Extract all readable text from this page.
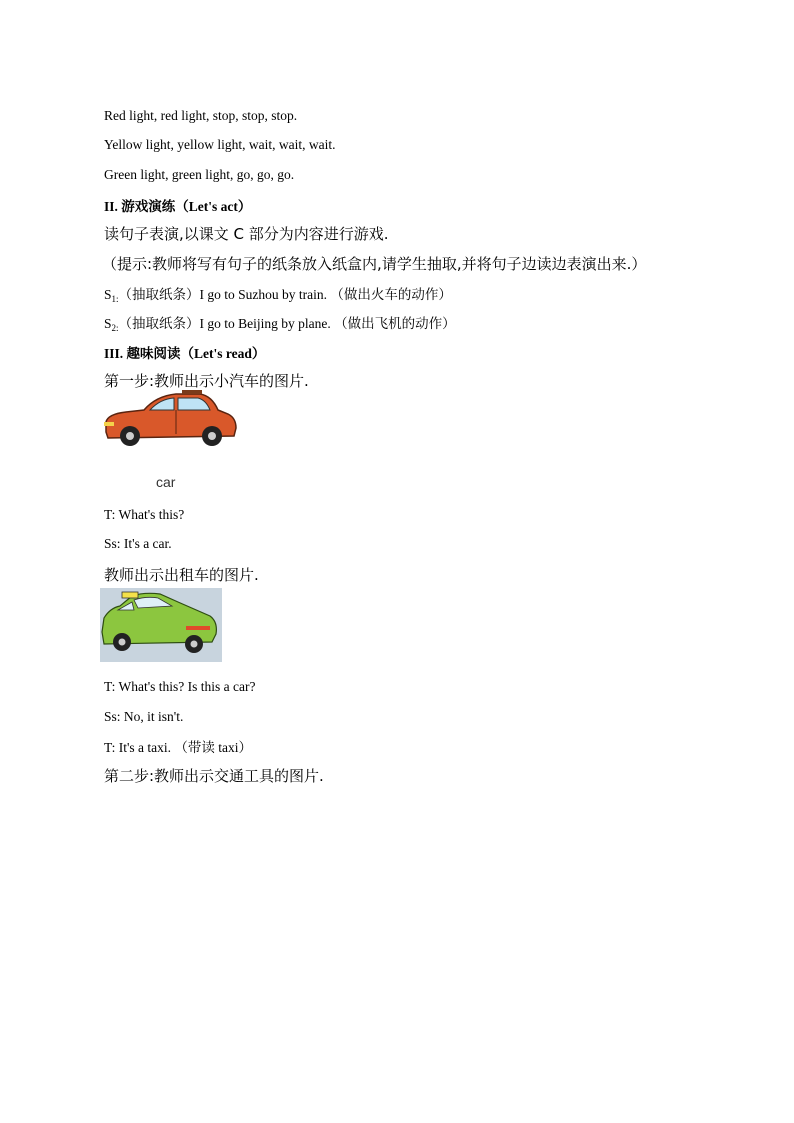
Red light, red light, stop, stop, stop.
Yellow light, yellow light, wait, wait, wait.
Green light, green light, go, go, go.
II. 游戏演练（Let's act）
读句子表演,以课文 C 部分为内容进行游戏.
（提示:教师将写有句子的纸条放入纸盒内,请学生抽取,并将句子边读边表演出来.）
$S_{1:}$（抽取纸条）I go to Suzhou by train. （做出火车的动作）
$S_{2:}$（抽取纸条）I go to Beijing by plane. （做出飞机的动作）
III. 趣味阅读（Let's read）
第一步:教师出示小汽车的图片.
car
T: What's this?
Ss: It's a car.
教师出示出租车的图片.
T: What's this? Is this a car?
Ss: No, it isn't.
T: It's a taxi. （带读 taxi）
第二步:教师出示交通工具的图片.
